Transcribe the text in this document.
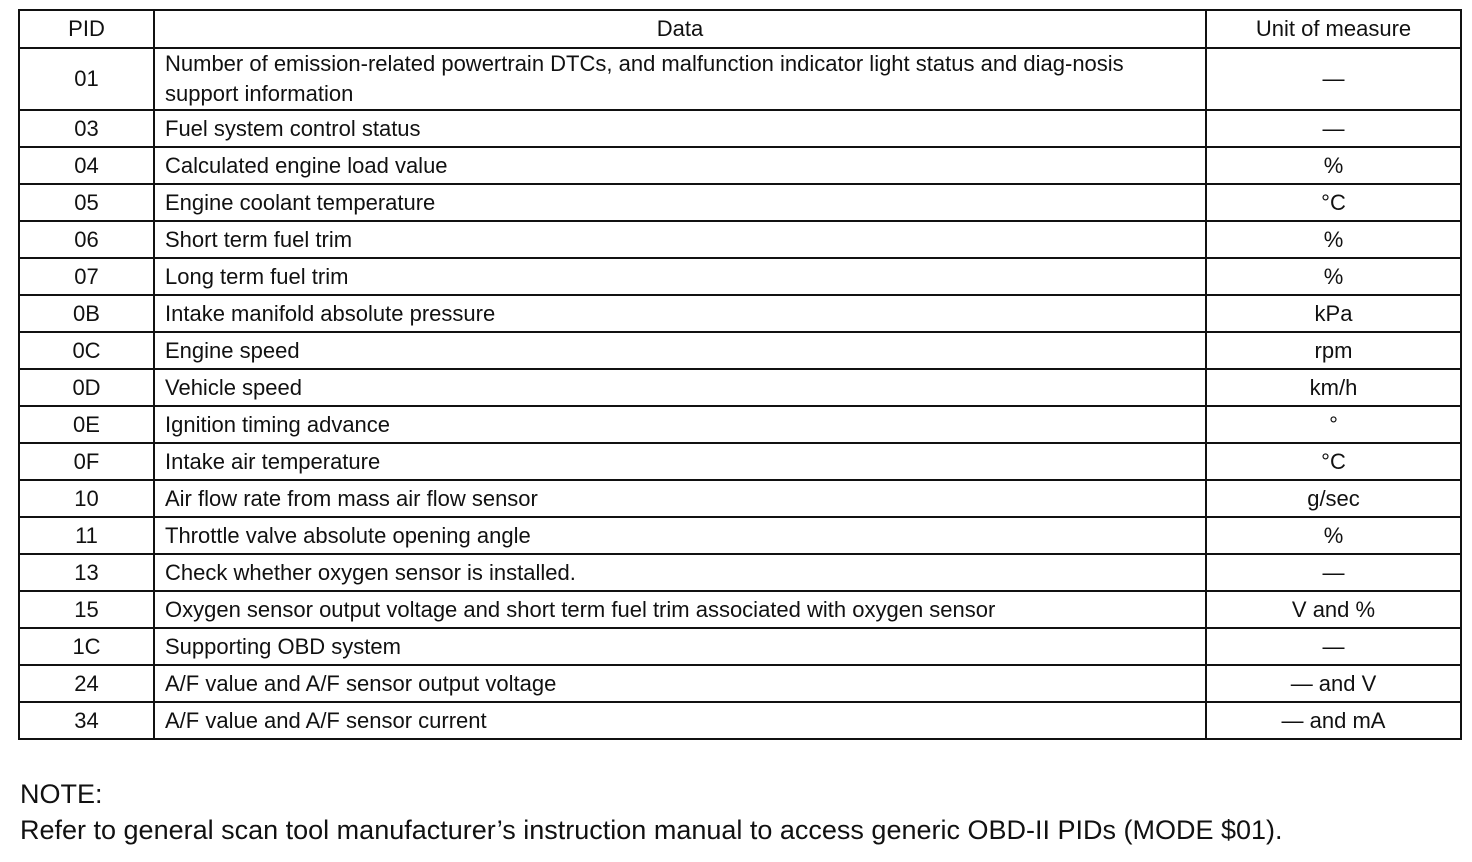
PID	Data	Unit of measure
01	Number of emission-related powertrain DTCs, and malfunction indicator light status and diag-nosis support information	—
03	Fuel system control status	—
04	Calculated engine load value	%
05	Engine coolant temperature	°C
06	Short term fuel trim	%
07	Long term fuel trim	%
0B	Intake manifold absolute pressure	kPa
0C	Engine speed	rpm
0D	Vehicle speed	km/h
0E	Ignition timing advance	°
0F	Intake air temperature	°C
10	Air flow rate from mass air flow sensor	g/sec
11	Throttle valve absolute opening angle	%
13	Check whether oxygen sensor is installed.	—
15	Oxygen sensor output voltage and short term fuel trim associated with oxygen sensor	V and %
1C	Supporting OBD system	—
24	A/F value and A/F sensor output voltage	— and V
34	A/F value and A/F sensor current	— and mA
NOTE:
Refer to general scan tool manufacturer’s instruction manual to access generic OBD-II PIDs (MODE $01).
